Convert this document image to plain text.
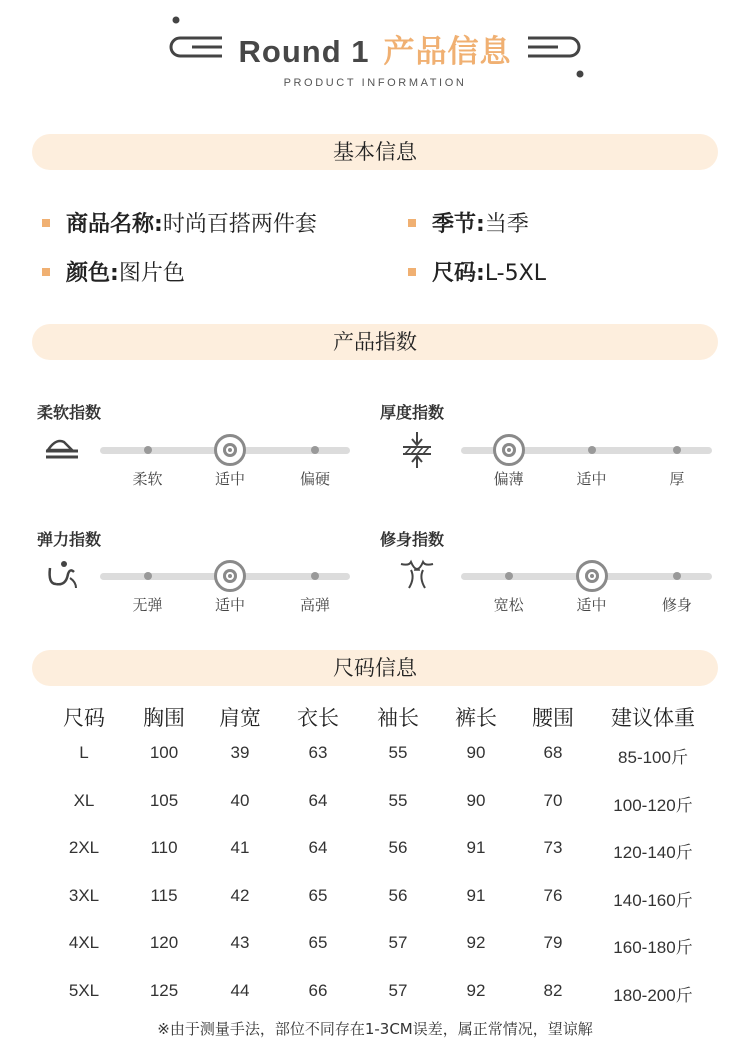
Round 1 产品信息
PRODUCT INFORMATION
基本信息
商品名称:时尚百搭两件套	季节:当季
颜色:图片色	尺码:L-5XL
产品指数
柔软指数
柔软	适中	偏硬
厚度指数
偏薄	适中	厚
弹力指数
无弹	适中	高弹
修身指数
宽松	适中	修身
尺码信息
尺码	胸围	肩宽	衣长	袖长	裤长	腰围	建议体重
L	100	39	63	55	90	68	85-100斤
XL	105	40	64	55	90	70	100-120斤
2XL	110	41	64	56	91	73	120-140斤
3XL	115	42	65	56	91	76	140-160斤
4XL	120	43	65	57	92	79	160-180斤
5XL	125	44	66	57	92	82	180-200斤
※由于测量手法，部位不同存在1-3CM误差，属正常情况，望谅解
